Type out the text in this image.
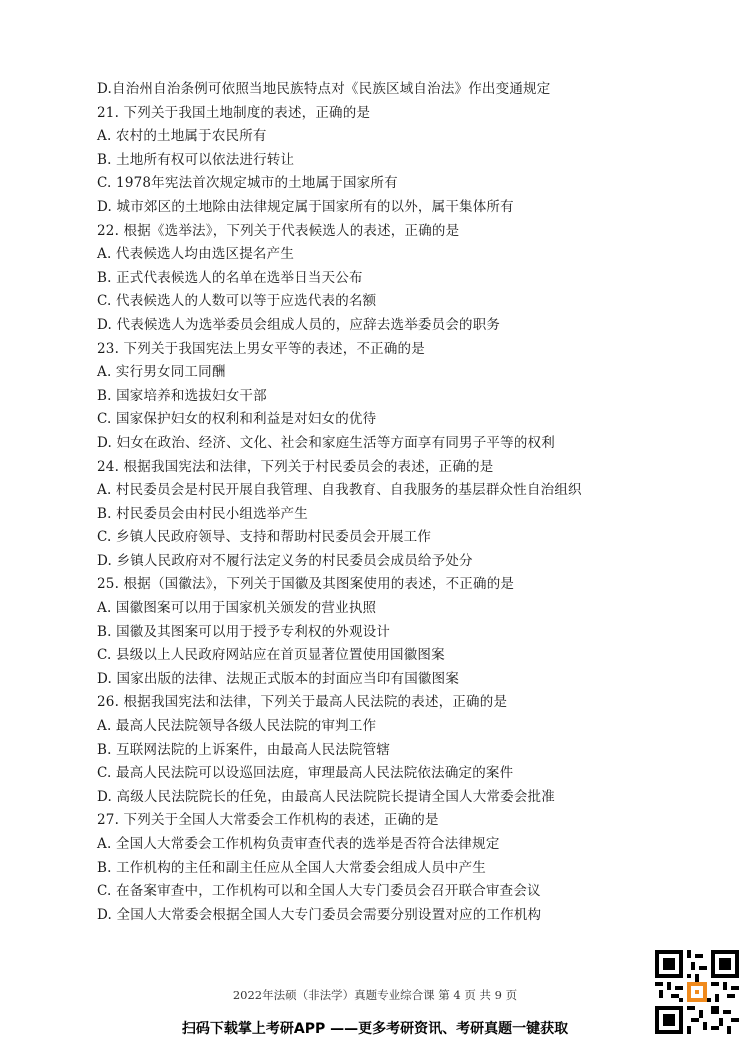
D.自治州自治条例可依照当地民族特点对《民族区域自治法》作出变通规定
21. 下列关于我国土地制度的表述，正确的是
A. 农村的土地属于农民所有
B. 土地所有权可以依法进行转让
C. 1978年宪法首次规定城市的土地属于国家所有
D. 城市郊区的土地除由法律规定属于国家所有的以外，属干集体所有
22. 根据《选举法》，下列关于代表候选人的表述，正确的是
A. 代表候选人均由选区提名产生
B. 正式代表候选人的名单在选举日当天公布
C. 代表候选人的人数可以等于应选代表的名额
D. 代表候选人为选举委员会组成人员的，应辞去选举委员会的职务
23. 下列关于我国宪法上男女平等的表述，不正确的是
A. 实行男女同工同酬
B. 国家培养和选拔妇女干部
C. 国家保护妇女的权利和利益是对妇女的优待
D. 妇女在政治、经济、文化、社会和家庭生活等方面享有同男子平等的权利
24. 根据我国宪法和法律，下列关于村民委员会的表述，正确的是
A. 村民委员会是村民开展自我管理、自我教育、自我服务的基层群众性自治组织
B. 村民委员会由村民小组选举产生
C. 乡镇人民政府领导、支持和帮助村民委员会开展工作
D. 乡镇人民政府对不履行法定义务的村民委员会成员给予处分
25. 根据（国徽法》，下列关于国徽及其图案使用的表述，不正确的是
A. 国徽图案可以用于国家机关颁发的营业执照
B. 国徽及其图案可以用于授予专利权的外观设计
C. 县级以上人民政府网站应在首页显著位置使用国徽图案
D. 国家出版的法律、法规正式版本的封面应当印有国徽图案
26. 根据我国宪法和法律，下列关于最高人民法院的表述，正确的是
A. 最高人民法院领导各级人民法院的审判工作
B. 互联网法院的上诉案件，由最高人民法院管辖
C. 最高人民法院可以设巡回法庭，审理最高人民法院依法确定的案件
D. 高级人民法院院长的任免，由最高人民法院院长提请全国人大常委会批准
27. 下列关于全国人大常委会工作机构的表述，正确的是
A. 全国人大常委会工作机构负责审查代表的选举是否符合法律规定
B. 工作机构的主任和副主任应从全国人大常委会组成人员中产生
C. 在备案审查中，工作机构可以和全国人大专门委员会召开联合审查会议
D. 全国人大常委会根据全国人大专门委员会需要分别设置对应的工作机构
2022年法硕（非法学）真题专业综合课 第 4 页 共 9 页
扫码下载掌上考研APP ——更多考研资讯、考研真题一键获取
